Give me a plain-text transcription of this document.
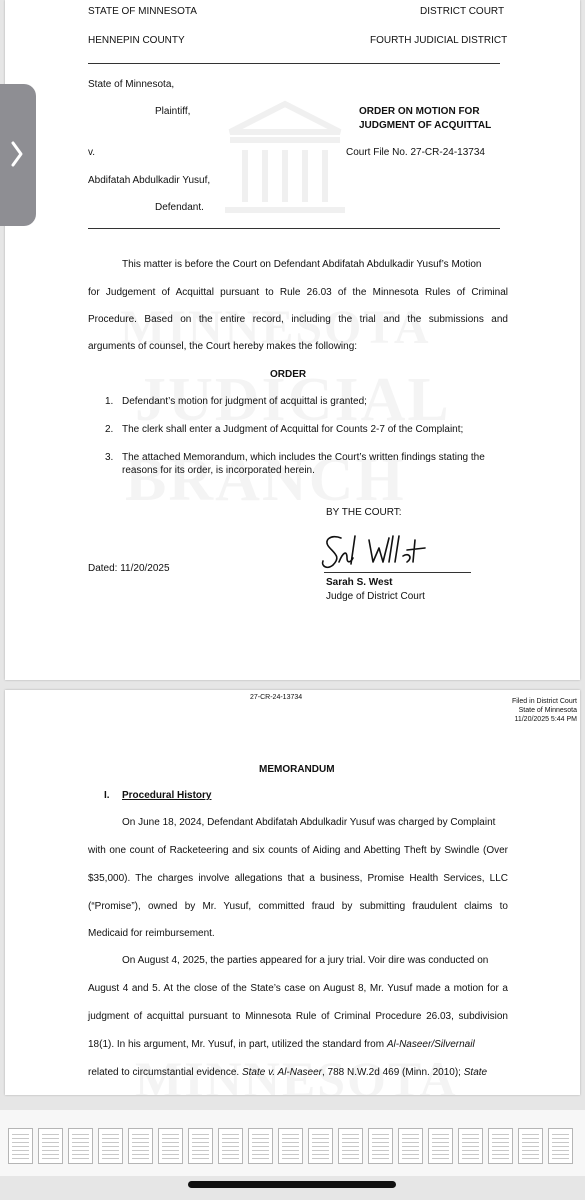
STATE OF MINNESOTA	DISTRICT COURT
HENNEPIN COUNTY	FOURTH JUDICIAL DISTRICT
State of Minnesota,
Plaintiff,	ORDER ON MOTION FOR
JUDGMENT OF ACQUITTAL
v.	Court File No. 27-CR-24-13734
Abdifatah Abdulkadir Yusuf,
Defendant.
This matter is before the Court on Defendant Abdifatah Abdulkadir Yusuf’s Motion
for Judgement of Acquittal pursuant to Rule 26.03 of the Minnesota Rules of Criminal
Procedure. Based on the entire record, including the trial and the submissions and
arguments of counsel, the Court hereby makes the following:
ORDER
1. Defendant’s motion for judgment of acquittal is granted;
2. The clerk shall enter a Judgment of Acquittal for Counts 2-7 of the Complaint;
3. The attached Memorandum, which includes the Court’s written findings stating the
reasons for its order, is incorporated herein.
BY THE COURT:
Dated: 11/20/2025
Sarah S. West
Judge of District Court
27-CR-24-13734
Filed in District Court
State of Minnesota
11/20/2025 5:44 PM
MEMORANDUM
I. Procedural History
On June 18, 2024, Defendant Abdifatah Abdulkadir Yusuf was charged by Complaint
with one count of Racketeering and six counts of Aiding and Abetting Theft by Swindle (Over
$35,000). The charges involve allegations that a business, Promise Health Services, LLC
(“Promise”), owned by Mr. Yusuf, committed fraud by submitting fraudulent claims to
Medicaid for reimbursement.
On August 4, 2025, the parties appeared for a jury trial. Voir dire was conducted on
August 4 and 5. At the close of the State’s case on August 8, Mr. Yusuf made a motion for a
judgment of acquittal pursuant to Minnesota Rule of Criminal Procedure 26.03, subdivision
18(1). In his argument, Mr. Yusuf, in part, utilized the standard from Al-Naseer/Silvernail
related to circumstantial evidence. State v. Al-Naseer, 788 N.W.2d 469 (Minn. 2010); State
